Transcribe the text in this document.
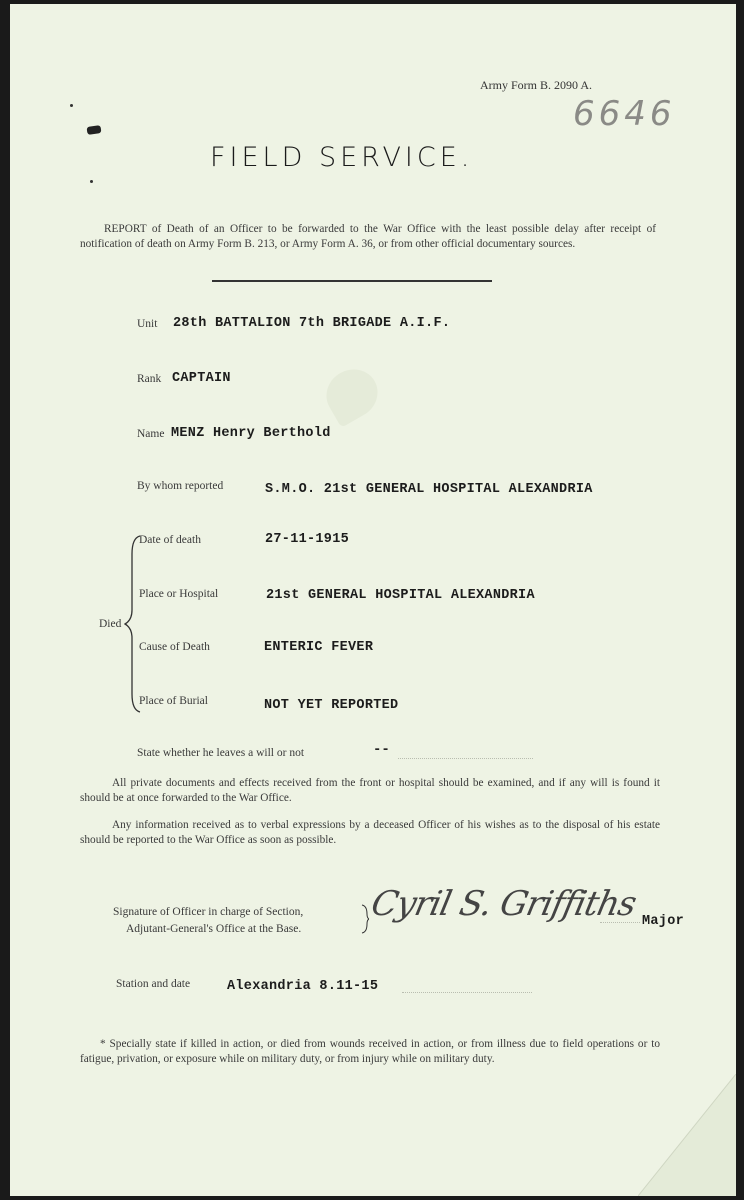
Army Form B. 2090 A.
6646
FIELD SERVICE.
REPORT of Death of an Officer to be forwarded to the War Office with the least possible delay after receipt of notification of death on Army Form B. 213, or Army Form A. 36, or from other official documentary sources.
Unit 28th BATTALION 7th BRIGADE A.I.F.
Rank CAPTAIN
Name MENZ Henry Berthold
By whom reported	S.M.O. 21st GENERAL HOSPITAL ALEXANDRIA
Died
Date of death	27-11-1915
Place or Hospital	21st GENERAL HOSPITAL ALEXANDRIA
Cause of Death	ENTERIC FEVER
Place of Burial	NOT YET REPORTED
State whether he leaves a will or not	--
All private documents and effects received from the front or hospital should be examined, and if any will is found it should be at once forwarded to the War Office.
Any information received as to verbal expressions by a deceased Officer of his wishes as to the disposal of his estate should be reported to the War Office as soon as possible.
Signature of Officer in charge of Section,
Adjutant-General's Office at the Base.
Cyril S. Griffiths Major
Station and date	Alexandria 8.11-15
* Specially state if killed in action, or died from wounds received in action, or from illness due to field operations or to fatigue, privation, or exposure while on military duty, or from injury while on military duty.
